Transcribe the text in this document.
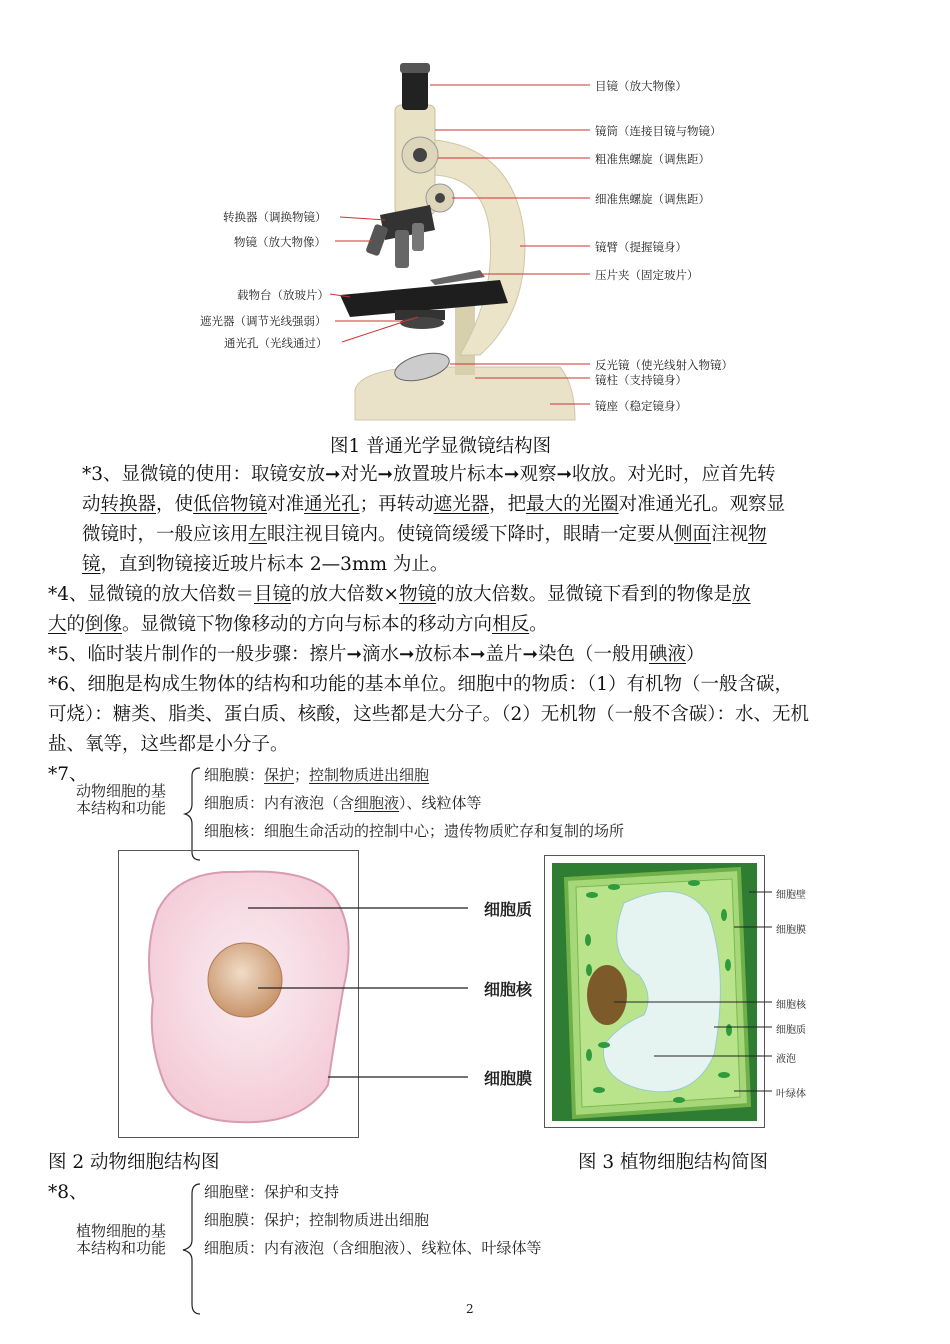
目镜（放大物像）
镜筒（连接目镜与物镜）
粗准焦螺旋（调焦距）
细准焦螺旋（调焦距）
镜臂（提握镜身）
压片夹（固定玻片）
反光镜（使光线射入物镜）
镜柱（支持镜身）
镜座（稳定镜身）
转换器（调换物镜）
物镜（放大物像）
载物台（放玻片）
遮光器（调节光线强弱）
通光孔（光线通过）
图1 普通光学显微镜结构图
*3、显微镜的使用：取镜安放➞对光➞放置玻片标本➞观察➞收放。对光时，应首先转
动转换器，使低倍物镜对准通光孔；再转动遮光器，把最大的光圈对准通光孔。观察显
微镜时，一般应该用左眼注视目镜内。使镜筒缓缓下降时，眼睛一定要从侧面注视物
镜，直到物镜接近玻片标本 2—3mm 为止。
*4、显微镜的放大倍数＝目镜的放大倍数×物镜的放大倍数。显微镜下看到的物像是放
大的倒像。显微镜下物像移动的方向与标本的移动方向相反。
*5、临时装片制作的一般步骤：擦片➞滴水➞放标本➞盖片➞染色（一般用碘液）
*6、细胞是构成生物体的结构和功能的基本单位。细胞中的物质：（1）有机物（一般含碳，
可烧）：糖类、脂类、蛋白质、核酸，这些都是大分子。（2）无机物（一般不含碳）：水、无机
盐、氧等，这些都是小分子。
*7、
动物细胞的基
本结构和功能
细胞膜：保护；控制物质进出细胞
细胞质：内有液泡（含细胞液）、线粒体等
细胞核：细胞生命活动的控制中心；遗传物质贮存和复制的场所
细胞质
细胞核
细胞膜
细胞壁
细胞膜
细胞核
细胞质
液泡
叶绿体
图 2 动物细胞结构图	图 3 植物细胞结构简图
*8、
植物细胞的基
本结构和功能
细胞壁：保护和支持
细胞膜：保护；控制物质进出细胞
细胞质：内有液泡（含细胞液）、线粒体、叶绿体等
2
